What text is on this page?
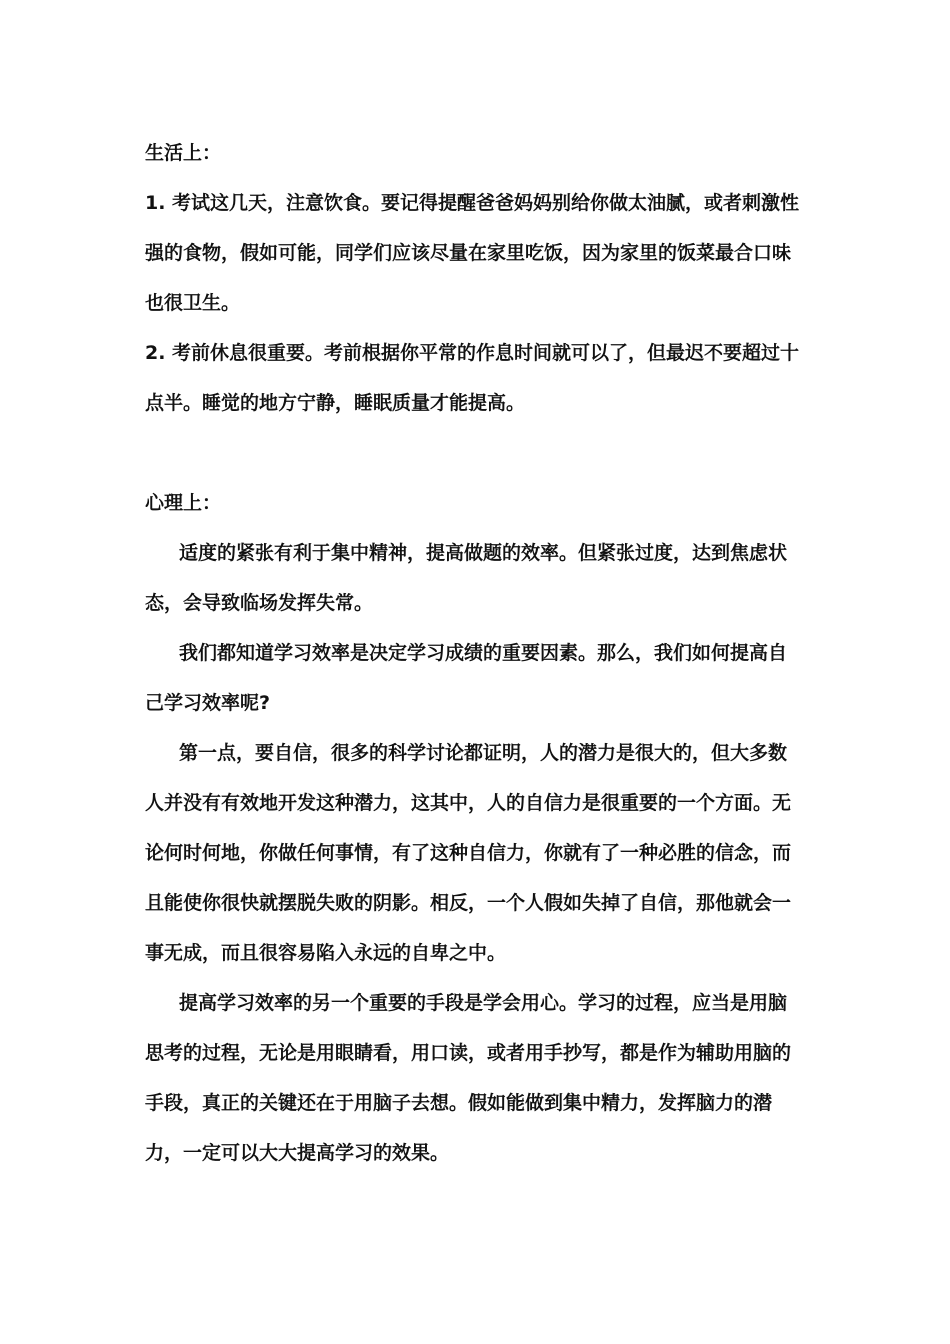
生活上：

1. 考试这几天，注意饮食。要记得提醒爸爸妈妈别给你做太油腻，或者刺激性强的食物，假如可能，同学们应该尽量在家里吃饭，因为家里的饭菜最合口味也很卫生。

2. 考前休息很重要。考前根据你平常的作息时间就可以了，但最迟不要超过十点半。睡觉的地方宁静，睡眠质量才能提高。

心理上：

适度的紧张有利于集中精神，提高做题的效率。但紧张过度，达到焦虑状态，会导致临场发挥失常。

我们都知道学习效率是决定学习成绩的重要因素。那么，我们如何提高自己学习效率呢?

第一点，要自信，很多的科学讨论都证明，人的潜力是很大的，但大多数人并没有有效地开发这种潜力，这其中，人的自信力是很重要的一个方面。无论何时何地，你做任何事情，有了这种自信力，你就有了一种必胜的信念，而且能使你很快就摆脱失败的阴影。相反，一个人假如失掉了自信，那他就会一事无成，而且很容易陷入永远的自卑之中。

提高学习效率的另一个重要的手段是学会用心。学习的过程，应当是用脑思考的过程，无论是用眼睛看，用口读，或者用手抄写，都是作为辅助用脑的手段，真正的关键还在于用脑子去想。假如能做到集中精力，发挥脑力的潜力，一定可以大大提高学习的效果。
